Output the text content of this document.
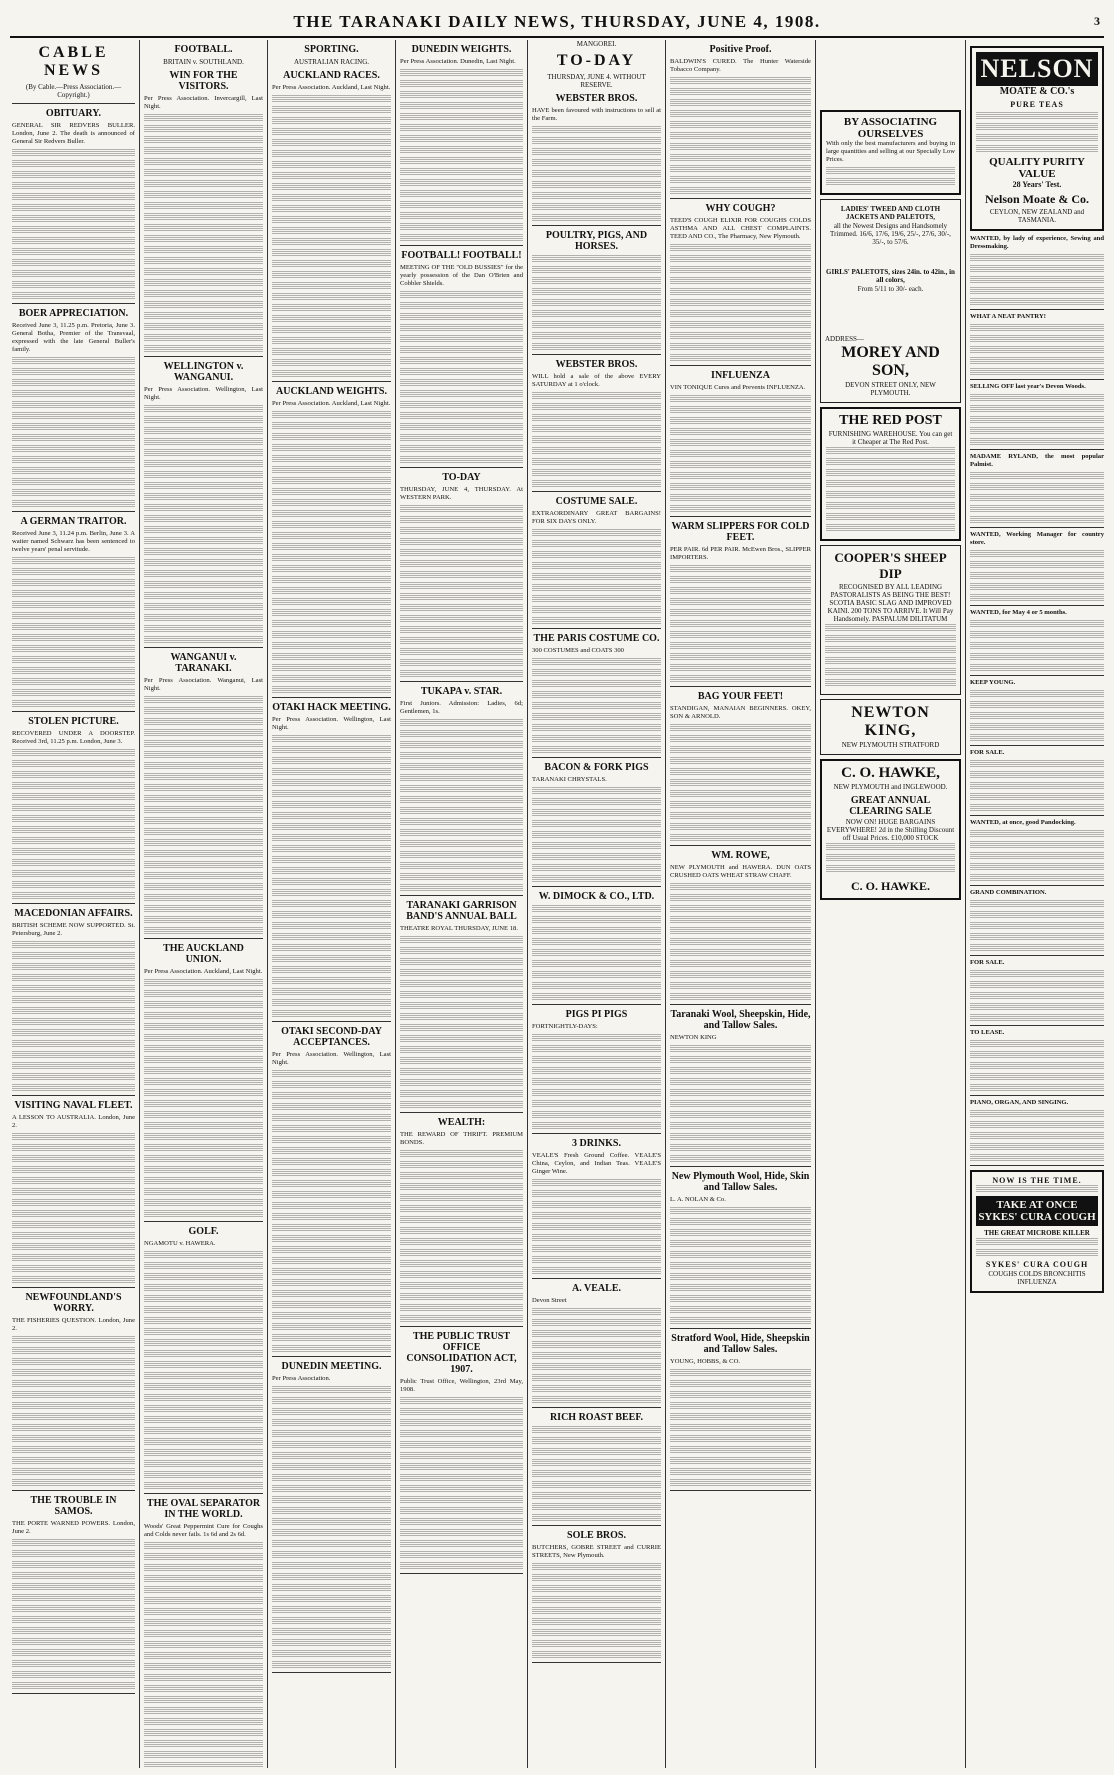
THE TARANAKI DAILY NEWS, THURSDAY, JUNE 4, 1908.	3
CABLE NEWS
(By Cable.—Press Association.—Copyright.)
OBITUARY.
GENERAL SIR REDVERS BULLER. London, June 2. The death is announced of General Sir Redvers Buller.
BOER APPRECIATION.
Received June 3, 11.25 p.m. Pretoria, June 3. General Botha, Premier of the Transvaal, expressed with the late General Buller's family.
A GERMAN TRAITOR.
Received June 3, 11.24 p.m. Berlin, June 3. A waiter named Schwarz has been sentenced to twelve years' penal servitude.
STOLEN PICTURE.
RECOVERED UNDER A DOORSTEP. Received 3rd, 11.25 p.m. London, June 3.
MACEDONIAN AFFAIRS.
BRITISH SCHEME NOW SUPPORTED. St. Petersburg, June 2.
VISITING NAVAL FLEET.
A LESSON TO AUSTRALIA. London, June 2.
NEWFOUNDLAND'S WORRY.
THE FISHERIES QUESTION. London, June 2.
THE TROUBLE IN SAMOS.
THE PORTE WARNED POWERS. London, June 2.
FOOTBALL.
BRITAIN v. SOUTHLAND.
WIN FOR THE VISITORS.
Per Press Association. Invercargill, Last Night.
WELLINGTON v. WANGANUI.
Per Press Association. Wellington, Last Night.
WANGANUI v. TARANAKI.
Per Press Association. Wanganui, Last Night.
THE AUCKLAND UNION.
Per Press Association. Auckland, Last Night.
GOLF.
NGAMOTU v. HAWERA.
THE OVAL SEPARATOR IN THE WORLD.
Woods' Great Peppermint Cure for Coughs and Colds never fails. 1s 6d and 2s 6d.
SPORTING.
AUSTRALIAN RACING.
AUCKLAND RACES.
Per Press Association. Auckland, Last Night.
AUCKLAND WEIGHTS.
Per Press Association. Auckland, Last Night.
OTAKI HACK MEETING.
Per Press Association. Wellington, Last Night.
OTAKI SECOND-DAY ACCEPTANCES.
Per Press Association. Wellington, Last Night.
DUNEDIN MEETING.
Per Press Association.
DUNEDIN WEIGHTS.
Per Press Association. Dunedin, Last Night.
FOOTBALL! FOOTBALL!
MEETING OF THE "OLD BUSSIES" for the yearly possession of the Dan O'Brien and Cobbler Shields.
TO-DAY
THURSDAY, JUNE 4, THURSDAY. At WESTERN PARK.
TUKAPA v. STAR.
First Juniors. Admission: Ladies, 6d; Gentlemen, 1s.
TARANAKI GARRISON BAND'S ANNUAL BALL
THEATRE ROYAL THURSDAY, JUNE 18.
WEALTH:
THE REWARD OF THRIFT. PREMIUM BONDS.
THE PUBLIC TRUST OFFICE CONSOLIDATION ACT, 1907.
Public Trust Office, Wellington, 23rd May, 1908.
MANGOREI.
TO-DAY
THURSDAY, JUNE 4. WITHOUT RESERVE.
WEBSTER BROS.
HAVE been favoured with instructions to sell at the Farm.
POULTRY, PIGS, AND HORSES.
WEBSTER BROS.
WILL hold a sale of the above EVERY SATURDAY at 1 o'clock.
COSTUME SALE.
EXTRAORDINARY GREAT BARGAINS! FOR SIX DAYS ONLY.
THE PARIS COSTUME CO.
300 COSTUMES and COATS 300
BACON & FORK PIGS
TARANAKI CHRYSTALS.
W. DIMOCK & CO., LTD.
PIGS PI PIGS
FORTNIGHTLY-DAYS:
3 DRINKS.
VEALE'S Fresh Ground Coffee. VEALE'S China, Ceylon, and Indian Teas. VEALE'S Ginger Wine.
A. VEALE.
Devon Street
RICH ROAST BEEF.
SOLE BROS.
BUTCHERS, GOBRE STREET and CURRIE STREETS, New Plymouth.
Positive Proof.
BALDWIN'S CURED. The Hunter Waterside Tobacco Company.
WHY COUGH?
TEED'S COUGH ELIXIR FOR COUGHS COLDS ASTHMA AND ALL CHEST COMPLAINTS. TEED AND CO., The Pharmacy, New Plymouth.
INFLUENZA
VIN TONIQUE Cures and Prevents INFLUENZA.
WARM SLIPPERS FOR COLD FEET.
PER PAIR. 6d PER PAIR. McEwen Bros., SLIPPER IMPORTERS.
BAG YOUR FEET!
STANDIGAN, MANAIAN BEGINNERS. OKEY, SON & ARNOLD.
WM. ROWE,
NEW PLYMOUTH and HAWERA. DUN OATS CRUSHED OATS WHEAT STRAW CHAFF.
Taranaki Wool, Sheepskin, Hide, and Tallow Sales.
NEWTON KING
New Plymouth Wool, Hide, Skin and Tallow Sales.
L. A. NOLAN & Co.
Stratford Wool, Hide, Sheepskin and Tallow Sales.
YOUNG, HOBBS, & CO.
BY ASSOCIATING OURSELVES
With only the best manufacturers and buying in large quantities and selling at our Specially Low Prices.
LADIES' TWEED AND CLOTH JACKETS AND PALETOTS,
all the Newest Designs and Handsomely Trimmed. 16/6, 17/6, 19/6, 25/-, 27/6, 30/-, 35/-, to 57/6.
GIRLS' PALETOTS, sizes 24in. to 42in., in all colors,
From 5/11 to 30/- each.
ADDRESS—
MOREY AND SON,
DEVON STREET ONLY, NEW PLYMOUTH.
THE RED POST
FURNISHING WAREHOUSE. You can get it Cheaper at The Red Post.
COOPER'S SHEEP DIP
RECOGNISED BY ALL LEADING PASTORALISTS AS BEING THE BEST! SCOTIA BASIC SLAG AND IMPROVED KAINI. 200 TONS TO ARRIVE. It Will Pay Handsomely. PASPALUM DILITATUM
NEWTON KING,
NEW PLYMOUTH STRATFORD
C. O. HAWKE,
NEW PLYMOUTH and INGLEWOOD.
GREAT ANNUAL CLEARING SALE
NOW ON! HUGE BARGAINS EVERYWHERE! 2d in the Shilling Discount off Usual Prices. £10,000 STOCK
C. O. HAWKE.
NELSON
MOATE & CO.'s
PURE TEAS
QUALITY PURITY VALUE
28 Years' Test.
Nelson Moate & Co.
CEYLON, NEW ZEALAND and TASMANIA.
WANTED, by lady of experience, Sewing and Dressmaking.
WHAT A NEAT PANTRY!
SELLING OFF last year's Devon Woods.
MADAME RYLAND, the most popular Palmist.
WANTED, Working Manager for country store.
WANTED, for May 4 or 5 months.
KEEP YOUNG.
FOR SALE.
WANTED, at once, good Pandocking.
GRAND COMBINATION.
FOR SALE.
TO LEASE.
PIANO, ORGAN, AND SINGING.
NOW IS THE TIME.
TAKE AT ONCE SYKES' CURA COUGH
THE GREAT MICROBE KILLER
SYKES' CURA COUGH
COUGHS COLDS BRONCHITIS INFLUENZA
